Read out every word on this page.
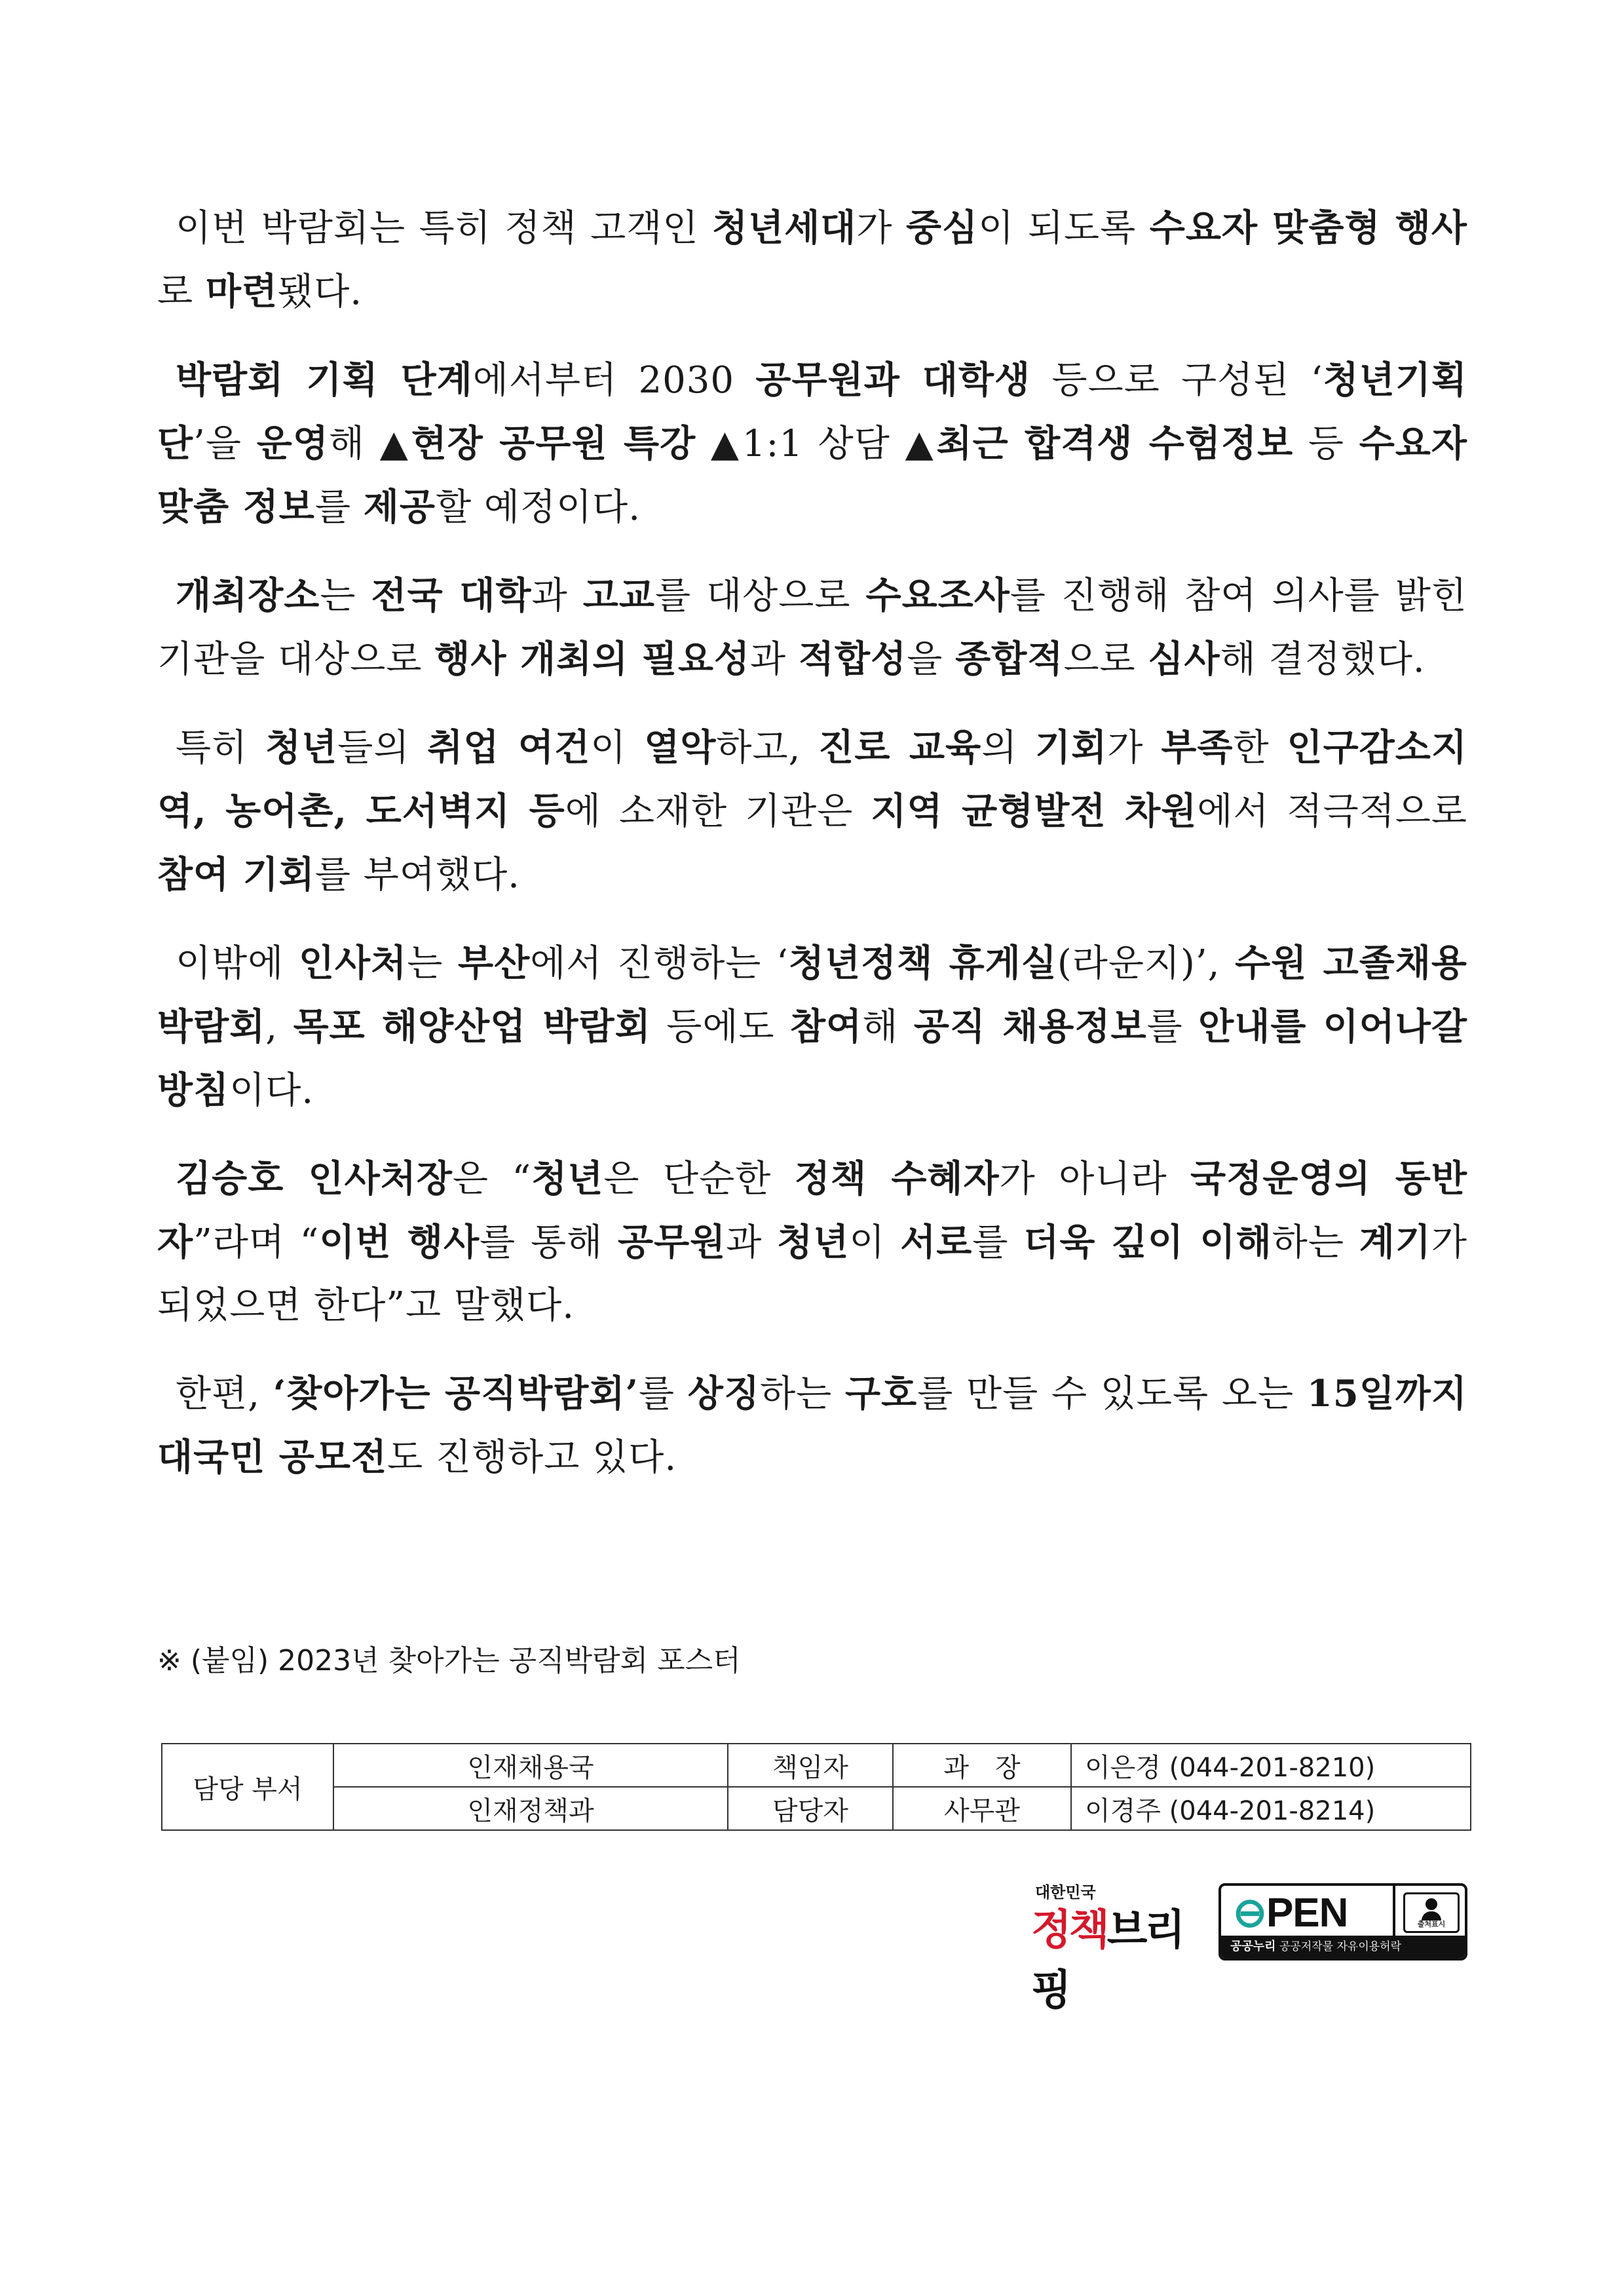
이번 박람회는 특히 정책 고객인 청년세대가 중심이 되도록 수요자 맞춤형 행사로 마련됐다.

박람회 기획 단계에서부터 2030 공무원과 대학생 등으로 구성된 ‘청년기획단’을 운영해 ▲현장 공무원 특강 ▲1:1 상담 ▲최근 합격생 수험정보 등 수요자 맞춤 정보를 제공할 예정이다.

개최장소는 전국 대학과 고교를 대상으로 수요조사를 진행해 참여 의사를 밝힌 기관을 대상으로 행사 개최의 필요성과 적합성을 종합적으로 심사해 결정했다.

특히 청년들의 취업 여건이 열악하고, 진로 교육의 기회가 부족한 인구감소지역, 농어촌, 도서벽지 등에 소재한 기관은 지역 균형발전 차원에서 적극적으로 참여 기회를 부여했다.

이밖에 인사처는 부산에서 진행하는 ‘청년정책 휴게실(라운지)’, 수원 고졸채용박람회, 목포 해양산업 박람회 등에도 참여해 공직 채용정보를 안내를 이어나갈 방침이다.

김승호 인사처장은 “청년은 단순한 정책 수혜자가 아니라 국정운영의 동반자”라며 “이번 행사를 통해 공무원과 청년이 서로를 더욱 깊이 이해하는 계기가 되었으면 한다”고 말했다.

한편, ‘찾아가는 공직박람회’를 상징하는 구호를 만들 수 있도록 오는 15일까지 대국민 공모전도 진행하고 있다.

※ (붙임) 2023년 찾아가는 공직박람회 포스터
담당 부서	인재채용국	책임자	과　장	이은경 (044-201-8210)
	인재정책과	담당자	사무관	이경주 (044-201-8214)
대한민국
정책브리핑
⊖PEN	출처표시
공공누리 공공저작물 자유이용허락
